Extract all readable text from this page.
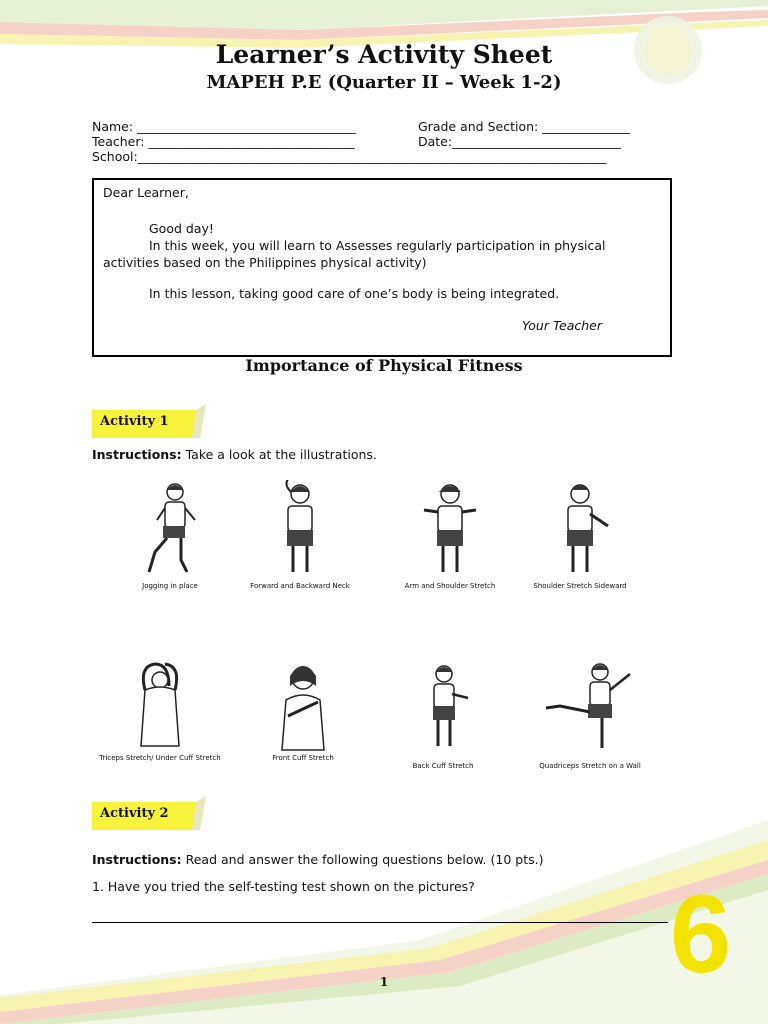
Learner’s Activity Sheet
MAPEH P.E (Quarter II – Week 1-2)
Name: ___________________________________	Grade and Section: ______________
Teacher: _________________________________	Date:___________________________
School:___________________________________________________________________________
Dear Learner,
Good day!
In this week, you will learn to Assesses regularly participation in physical
activities based on the Philippines physical activity)
In this lesson, taking good care of one’s body is being integrated.
Your Teacher
Importance of Physical Fitness
Activity 1
Instructions: Take a look at the illustrations.
Jogging in place	Forward and Backward Neck	Arm and Shoulder Stretch	Shoulder Stretch Sideward
Triceps Stretch/ Under Cuff Stretch	Front Cuff Stretch
Back Cuff Stretch	Quadriceps Stretch on a Wall
Activity 2
Instructions: Read and answer the following questions below. (10 pts.)
1. Have you tried the self-testing test shown on the pictures? 6
1
